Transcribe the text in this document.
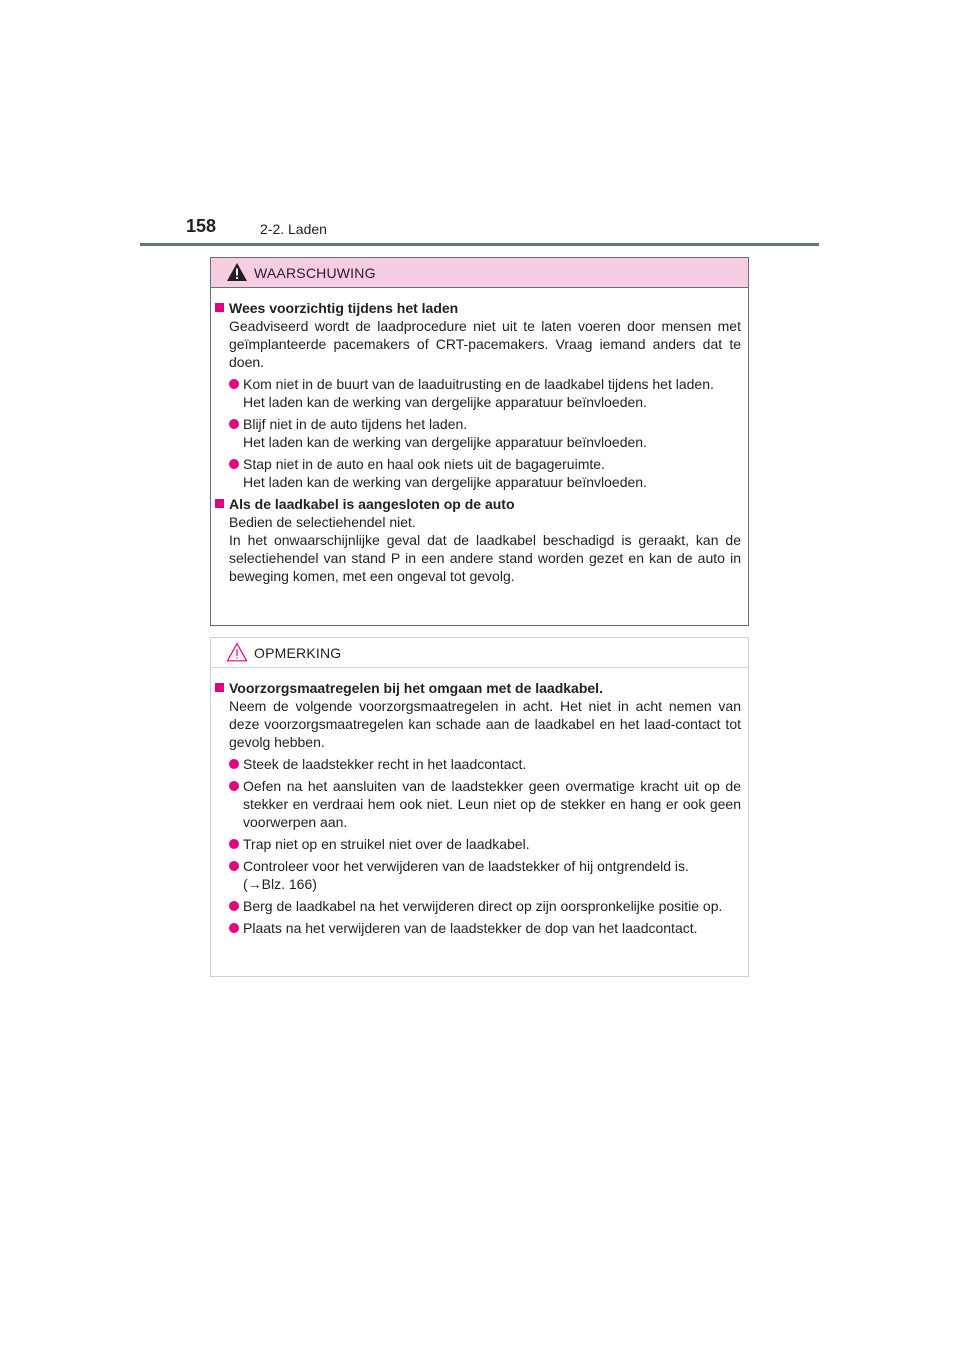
158	2-2. Laden
WAARSCHUWING
Wees voorzichtig tijdens het laden
Geadviseerd wordt de laadprocedure niet uit te laten voeren door mensen met geïmplanteerde pacemakers of CRT-pacemakers. Vraag iemand anders dat te doen.
Kom niet in de buurt van de laaduitrusting en de laadkabel tijdens het laden.
Het laden kan de werking van dergelijke apparatuur beïnvloeden.
Blijf niet in de auto tijdens het laden.
Het laden kan de werking van dergelijke apparatuur beïnvloeden.
Stap niet in de auto en haal ook niets uit de bagageruimte.
Het laden kan de werking van dergelijke apparatuur beïnvloeden.
Als de laadkabel is aangesloten op de auto
Bedien de selectiehendel niet.
In het onwaarschijnlijke geval dat de laadkabel beschadigd is geraakt, kan de selectiehendel van stand P in een andere stand worden gezet en kan de auto in beweging komen, met een ongeval tot gevolg.
OPMERKING
Voorzorgsmaatregelen bij het omgaan met de laadkabel.
Neem de volgende voorzorgsmaatregelen in acht. Het niet in acht nemen van deze voorzorgsmaatregelen kan schade aan de laadkabel en het laad-contact tot gevolg hebben.
Steek de laadstekker recht in het laadcontact.
Oefen na het aansluiten van de laadstekker geen overmatige kracht uit op de stekker en verdraai hem ook niet. Leun niet op de stekker en hang er ook geen voorwerpen aan.
Trap niet op en struikel niet over de laadkabel.
Controleer voor het verwijderen van de laadstekker of hij ontgrendeld is.
(→Blz. 166)
Berg de laadkabel na het verwijderen direct op zijn oorspronkelijke positie op.
Plaats na het verwijderen van de laadstekker de dop van het laadcontact.
